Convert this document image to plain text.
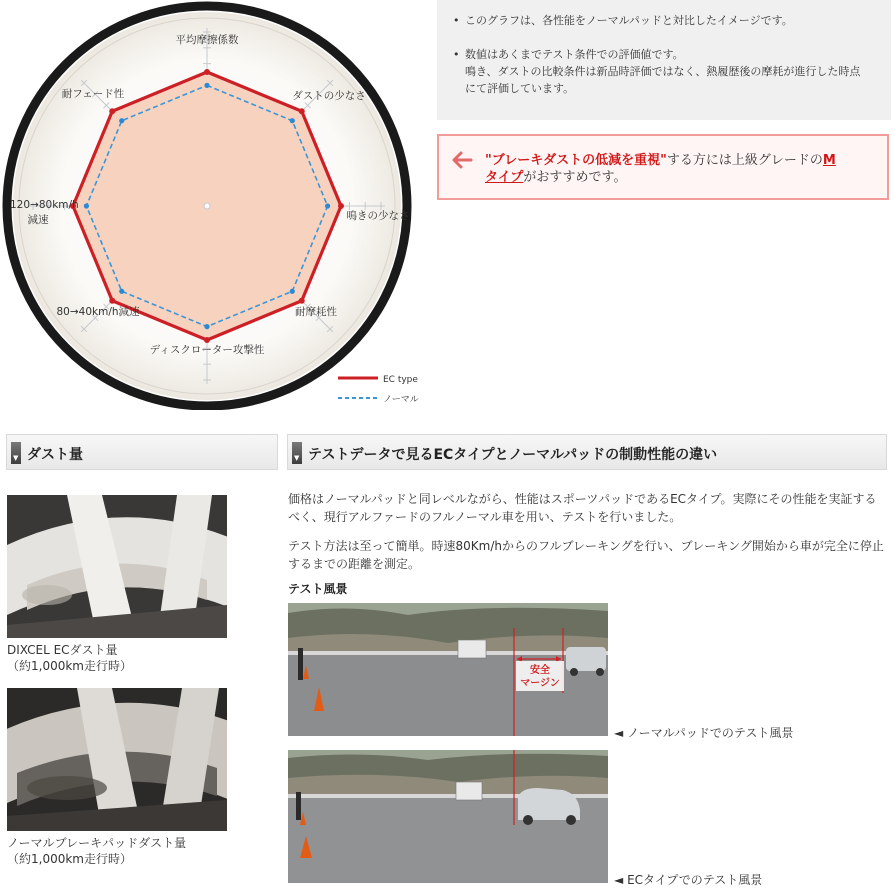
平均摩擦係数
ダストの少なさ
鳴きの少なさ
耐摩耗性
ディスクローター攻撃性
80→40km/h減速
耐フェード性
120→80km/h
減速
EC type
ノーマル
• このグラフは、各性能をノーマルパッドと対比したイメージです。
• 数値はあくまでテスト条件での評価値です。
鳴き、ダストの比較条件は新品時評価ではなく、熱履歴後の摩耗が進行した時点
にて評価しています。
"ブレーキダストの低減を重視"する方には上級グレードのM
タイプがおすすめです。
▼ ダスト量
DIXCEL ECダスト量
（約1,000km走行時）
ノーマルブレーキパッドダスト量
（約1,000km走行時）
▼ テストデータで見るECタイプとノーマルパッドの制動性能の違い
価格はノーマルパッドと同レベルながら、性能はスポーツパッドであるECタイプ。実際にその性能を実証するべく、現行アルファードのフルノーマル車を用い、テストを行いました。
テスト方法は至って簡単。時速80Km/hからのフルブレーキングを行い、ブレーキング開始から車が完全に停止するまでの距離を測定。
テスト風景
安全
マージン
◄ ノーマルパッドでのテスト風景
◄ ECタイプでのテスト風景
